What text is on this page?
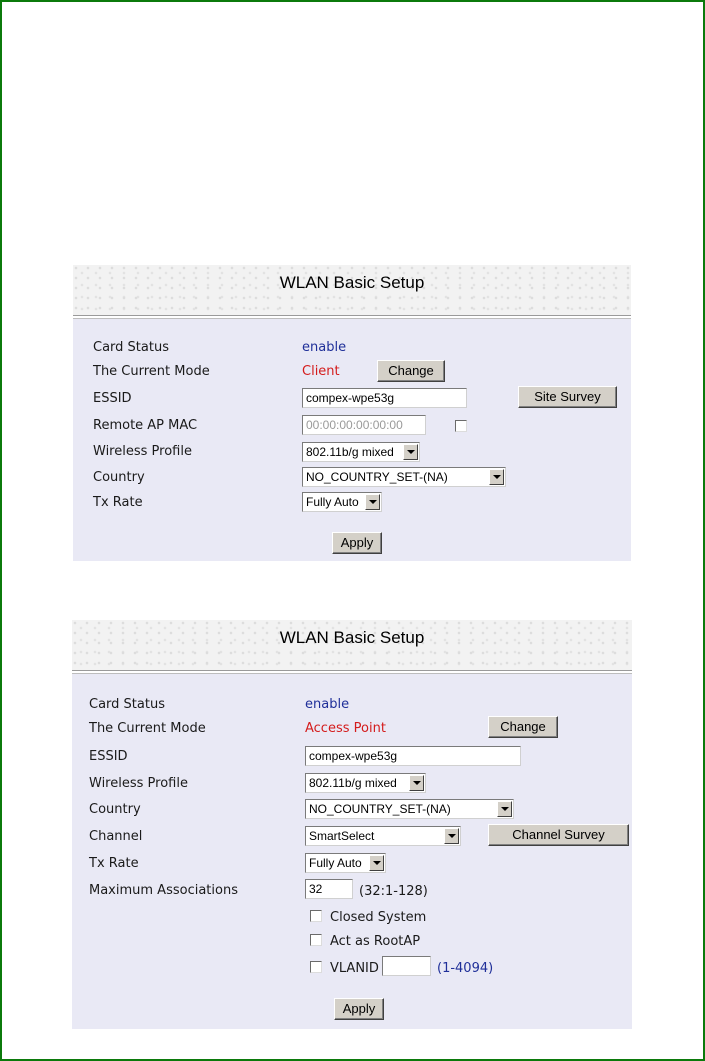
WLAN Basic Setup
Card Status	enable
The Current Mode	Client	Change
ESSID	compex-wpe53g	Site Survey
Remote AP MAC	00:00:00:00:00:00
Wireless Profile	802.11b/g mixed
Country	NO_COUNTRY_SET-(NA)
Tx Rate	Fully Auto
Apply
WLAN Basic Setup
Card Status	enable
The Current Mode	Access Point	Change
ESSID	compex-wpe53g
Wireless Profile	802.11b/g mixed
Country	NO_COUNTRY_SET-(NA)
Channel	SmartSelect	Channel Survey
Tx Rate	Fully Auto
Maximum Associations	32	(32:1-128)
Closed System
Act as RootAP
VLANID	(1-4094)
Apply
